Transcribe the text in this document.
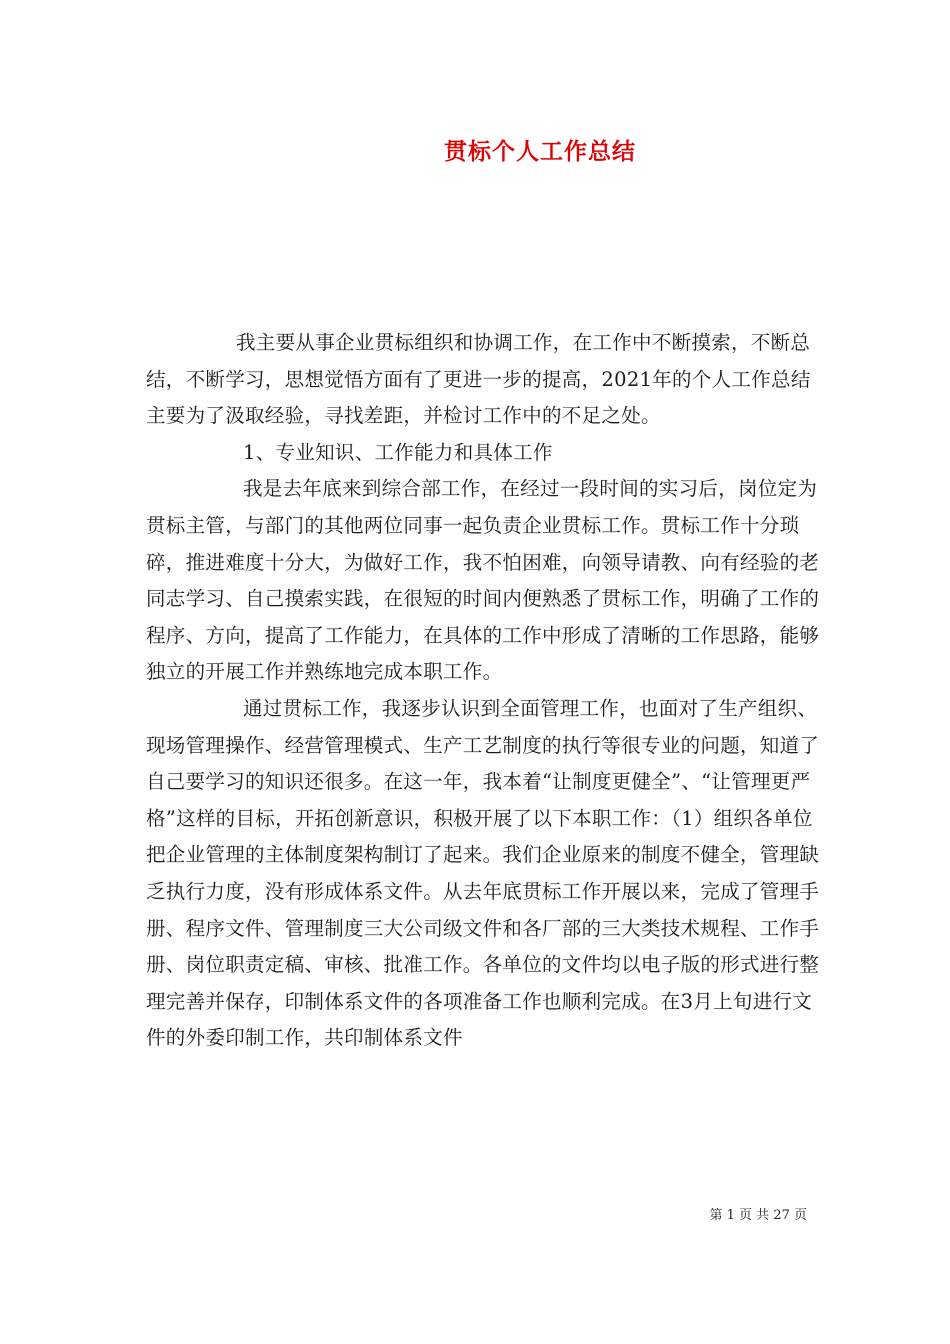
贯标个人工作总结

我主要从事企业贯标组织和协调工作，在工作中不断摸索，不断总结，不断学习，思想觉悟方面有了更进一步的提高，2021年的个人工作总结主要为了汲取经验，寻找差距，并检讨工作中的不足之处。

1、专业知识、工作能力和具体工作

我是去年底来到综合部工作，在经过一段时间的实习后，岗位定为贯标主管，与部门的其他两位同事一起负责企业贯标工作。贯标工作十分琐碎，推进难度十分大，为做好工作，我不怕困难，向领导请教、向有经验的老同志学习、自己摸索实践，在很短的时间内便熟悉了贯标工作，明确了工作的程序、方向，提高了工作能力，在具体的工作中形成了清晰的工作思路，能够独立的开展工作并熟练地完成本职工作。

通过贯标工作，我逐步认识到全面管理工作，也面对了生产组织、现场管理操作、经营管理模式、生产工艺制度的执行等很专业的问题，知道了自己要学习的知识还很多。在这一年，我本着“让制度更健全”、“让管理更严格”这样的目标，开拓创新意识，积极开展了以下本职工作：（1）组织各单位把企业管理的主体制度架构制订了起来。我们企业原来的制度不健全，管理缺乏执行力度，没有形成体系文件。从去年底贯标工作开展以来，完成了管理手册、程序文件、管理制度三大公司级文件和各厂部的三大类技术规程、工作手册、岗位职责定稿、审核、批准工作。各单位的文件均以电子版的形式进行整理完善并保存，印制体系文件的各项准备工作也顺利完成。在3月上旬进行文件的外委印制工作，共印制体系文件

第 1 页 共 27 页
